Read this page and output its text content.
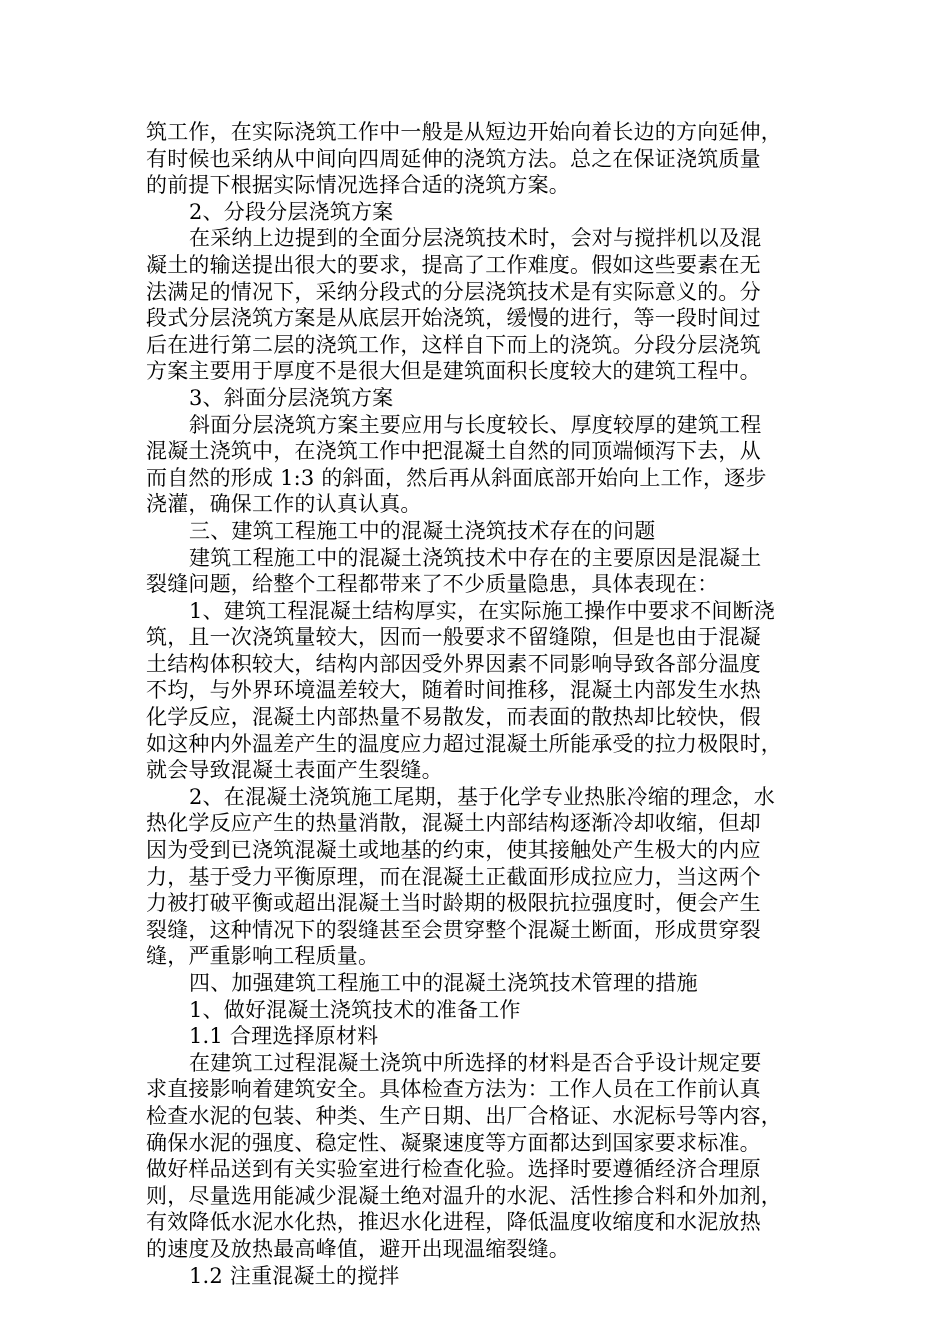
筑工作，在实际浇筑工作中一般是从短边开始向着长边的方向延伸，
有时候也采纳从中间向四周延伸的浇筑方法。总之在保证浇筑质量
的前提下根据实际情况选择合适的浇筑方案。
2、分段分层浇筑方案
在采纳上边提到的全面分层浇筑技术时，会对与搅拌机以及混
凝土的输送提出很大的要求，提高了工作难度。假如这些要素在无
法满足的情况下，采纳分段式的分层浇筑技术是有实际意义的。分
段式分层浇筑方案是从底层开始浇筑，缓慢的进行，等一段时间过
后在进行第二层的浇筑工作，这样自下而上的浇筑。分段分层浇筑
方案主要用于厚度不是很大但是建筑面积长度较大的建筑工程中。
3、斜面分层浇筑方案
斜面分层浇筑方案主要应用与长度较长、厚度较厚的建筑工程
混凝土浇筑中，在浇筑工作中把混凝土自然的同顶端倾泻下去，从
而自然的形成 1:3 的斜面，然后再从斜面底部开始向上工作，逐步
浇灌，确保工作的认真认真。
三、建筑工程施工中的混凝土浇筑技术存在的问题
建筑工程施工中的混凝土浇筑技术中存在的主要原因是混凝土
裂缝问题，给整个工程都带来了不少质量隐患，具体表现在：
1、建筑工程混凝土结构厚实，在实际施工操作中要求不间断浇
筑，且一次浇筑量较大，因而一般要求不留缝隙，但是也由于混凝
土结构体积较大，结构内部因受外界因素不同影响导致各部分温度
不均，与外界环境温差较大，随着时间推移，混凝土内部发生水热
化学反应，混凝土内部热量不易散发，而表面的散热却比较快，假
如这种内外温差产生的温度应力超过混凝土所能承受的拉力极限时，
就会导致混凝土表面产生裂缝。
2、在混凝土浇筑施工尾期，基于化学专业热胀冷缩的理念，水
热化学反应产生的热量消散，混凝土内部结构逐渐冷却收缩，但却
因为受到已浇筑混凝土或地基的约束，使其接触处产生极大的内应
力，基于受力平衡原理，而在混凝土正截面形成拉应力，当这两个
力被打破平衡或超出混凝土当时龄期的极限抗拉强度时，便会产生
裂缝，这种情况下的裂缝甚至会贯穿整个混凝土断面，形成贯穿裂
缝，严重影响工程质量。
四、加强建筑工程施工中的混凝土浇筑技术管理的措施
1、做好混凝土浇筑技术的准备工作
1.1 合理选择原材料
在建筑工过程混凝土浇筑中所选择的材料是否合乎设计规定要
求直接影响着建筑安全。具体检查方法为：工作人员在工作前认真
检查水泥的包装、种类、生产日期、出厂合格证、水泥标号等内容，
确保水泥的强度、稳定性、凝聚速度等方面都达到国家要求标准。
做好样品送到有关实验室进行检查化验。选择时要遵循经济合理原
则，尽量选用能减少混凝土绝对温升的水泥、活性掺合料和外加剂，
有效降低水泥水化热，推迟水化进程，降低温度收缩度和水泥放热
的速度及放热最高峰值，避开出现温缩裂缝。
1.2 注重混凝土的搅拌
